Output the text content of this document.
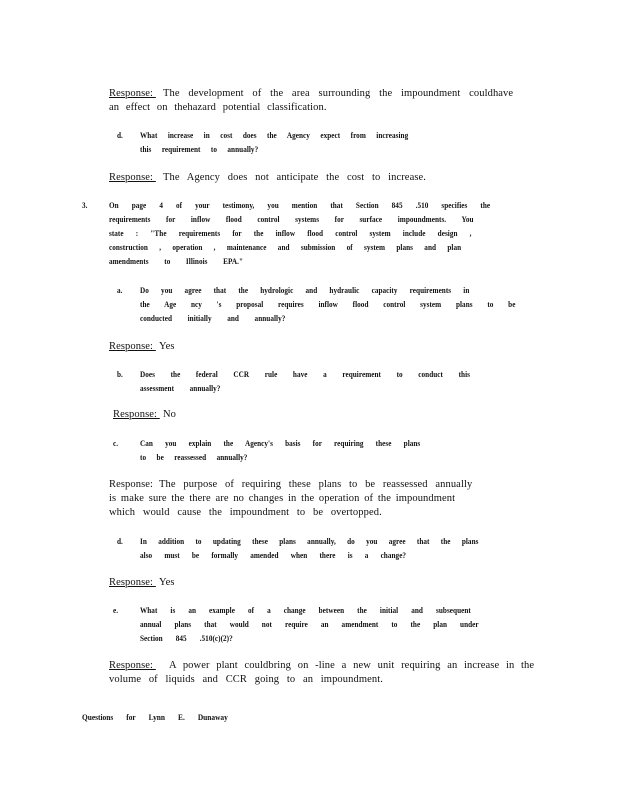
Response: The development of the area surrounding the impoundment couldhave
an effect on thehazard potential classification.
d. What increase in cost does the Agency expect from increasing
this requirement to annually?
Response: The Agency does not anticipate the cost to increase.
3.	On page 4 of your testimony, you mention that Section 845 .510 specifies the
requirements for inflow flood control systems for surface impoundments. You
state : "The requirements for the inflow flood control system include design ,
construction , operation , maintenance and submission of system plans and plan
amendments to Illinois EPA."
a. Do you agree that the hydrologic and hydraulic capacity requirements in
the Age ncy 's proposal requires inflow flood control system plans to be
conducted initially and annually?
Response: Yes
b. Does the federal CCR rule have a requirement to conduct this
assessment annually?
Response: No
c.	Can you explain the Agency's basis for requiring these plans
to be reassessed annually?
Response: The purpose of requiring these plans to be reassessed annually
is make sure the there are no changes in the operation of the impoundment
which would cause the impoundment to be overtopped.
d. In addition to updating these plans annually, do you agree that the plans
also must be formally amended when there is a change?
Response: Yes
e.	What is an example of a change between the initial and subsequent
annual plans that would not require an amendment to the plan under
Section 845 .510(c)(2)?
Response: A power plant couldbring on -line a new unit requiring an increase in the
volume of liquids and CCR going to an impoundment.
Questions for Lynn E. Dunaway
